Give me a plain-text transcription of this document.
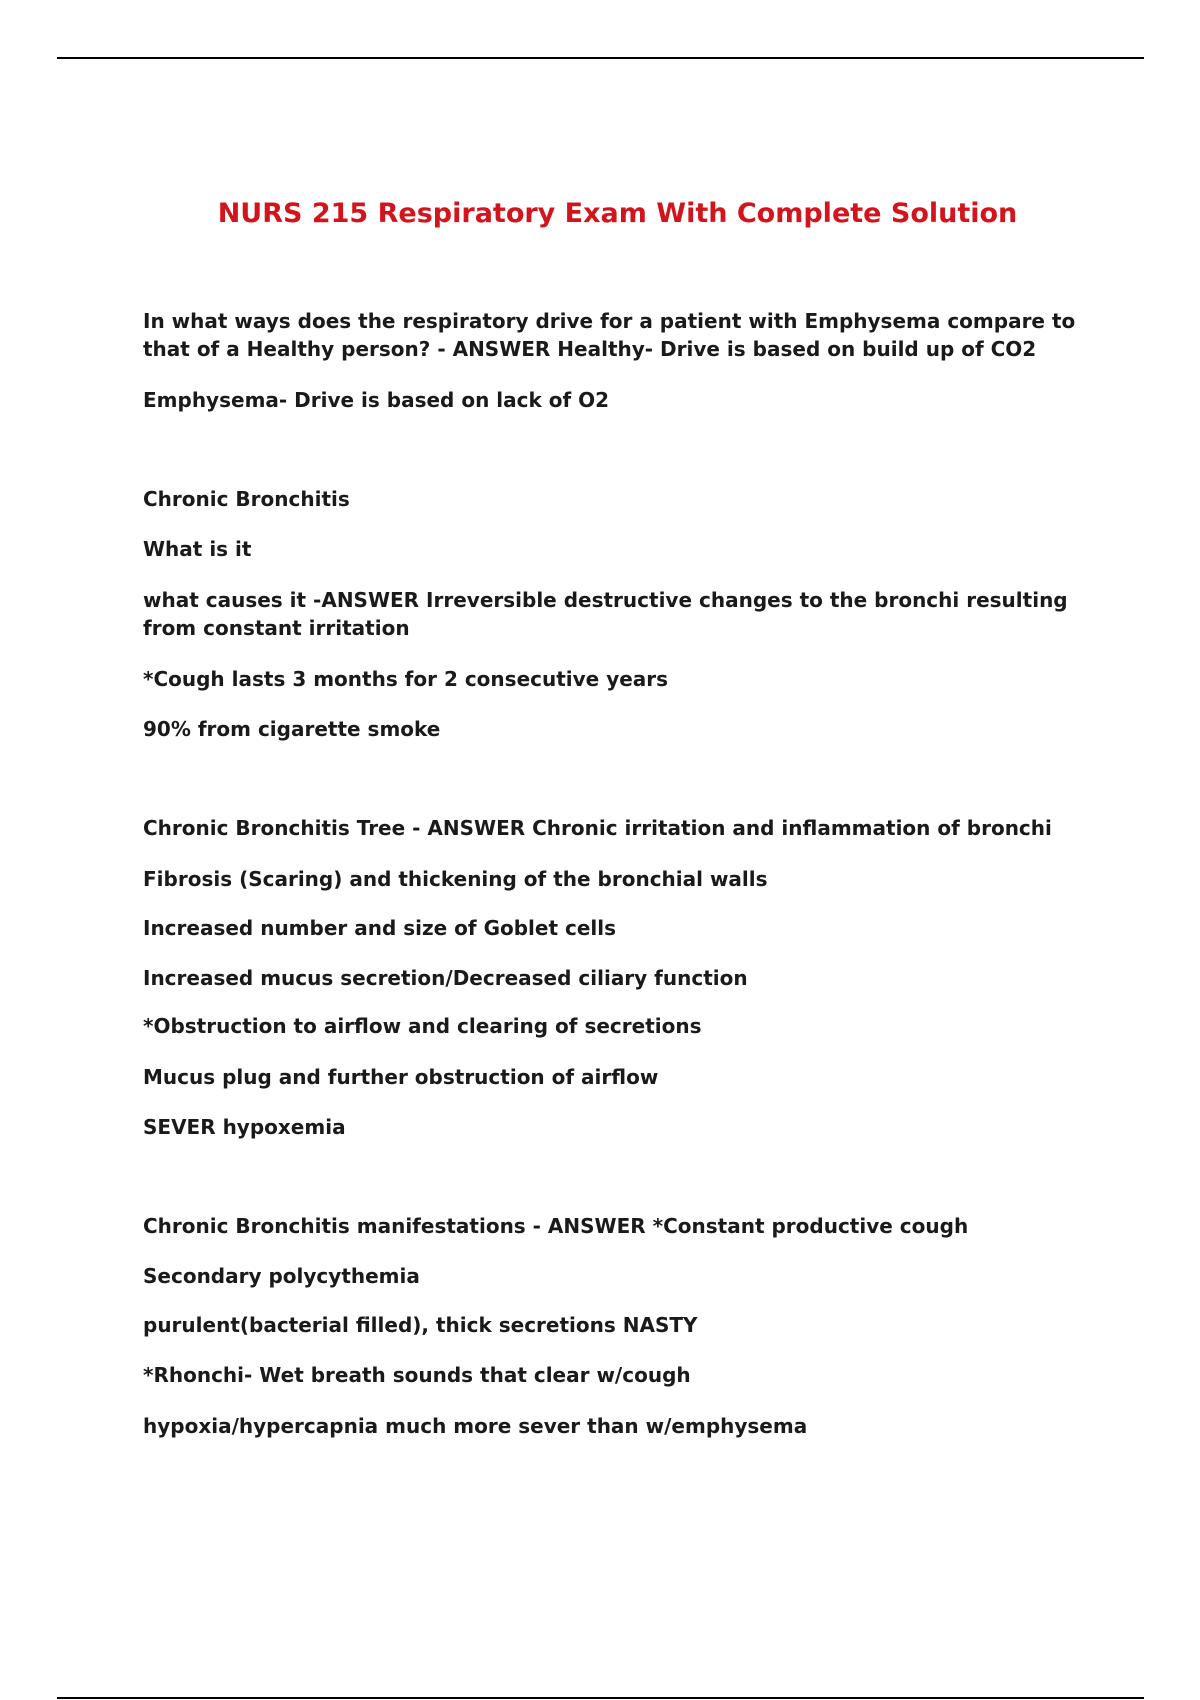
NURS 215 Respiratory Exam With Complete Solution

In what ways does the respiratory drive for a patient with Emphysema compare to that of a Healthy person? - ANSWER Healthy- Drive is based on build up of CO2

Emphysema- Drive is based on lack of O2

Chronic Bronchitis

What is it

what causes it -ANSWER Irreversible destructive changes to the bronchi resulting from constant irritation

*Cough lasts 3 months for 2 consecutive years

90% from cigarette smoke

Chronic Bronchitis Tree - ANSWER Chronic irritation and inflammation of bronchi

Fibrosis (Scaring) and thickening of the bronchial walls

Increased number and size of Goblet cells

Increased mucus secretion/Decreased ciliary function

*Obstruction to airflow and clearing of secretions

Mucus plug and further obstruction of airflow

SEVER hypoxemia

Chronic Bronchitis manifestations - ANSWER *Constant productive cough

Secondary polycythemia

purulent(bacterial filled), thick secretions NASTY

*Rhonchi- Wet breath sounds that clear w/cough

hypoxia/hypercapnia much more sever than w/emphysema
